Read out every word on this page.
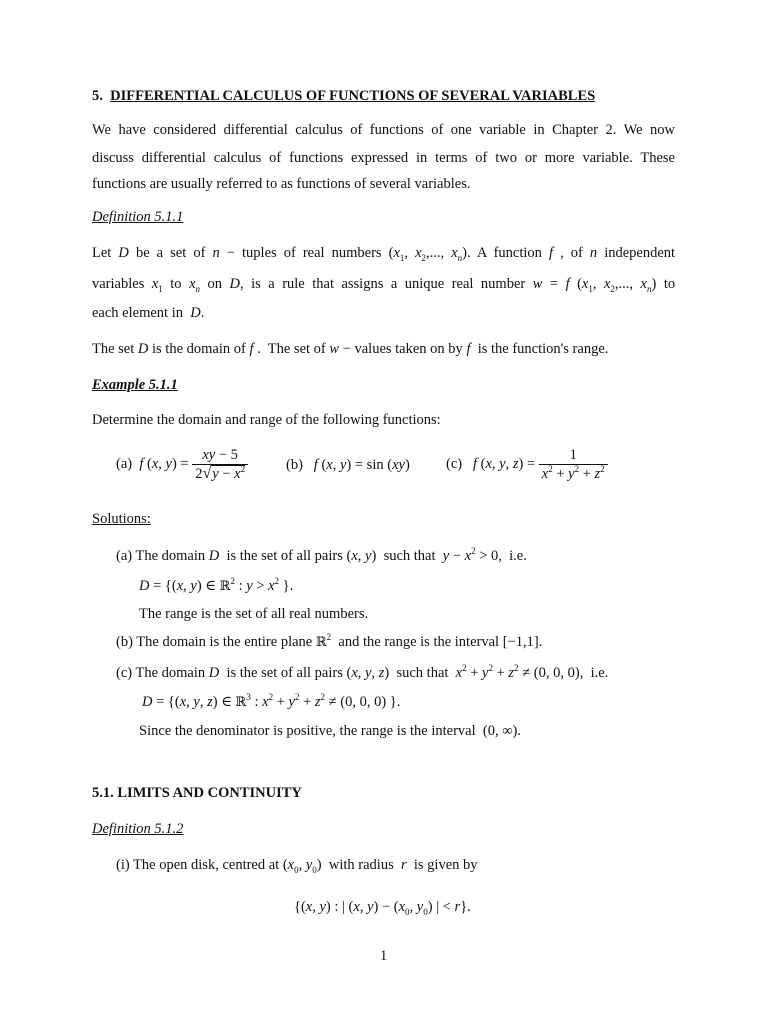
5. DIFFERENTIAL CALCULUS OF FUNCTIONS OF SEVERAL VARIABLES
We have considered differential calculus of functions of one variable in Chapter 2. We now
discuss differential calculus of functions expressed in terms of two or more variable. These
functions are usually referred to as functions of several variables.
Definition 5.1.1
Let D be a set of n − tuples of real numbers ($x_1$, $x_2$,..., $x_n$). A function f , of n independent
variables $x_1$ to $x_n$ on D, is a rule that assigns a unique real number w = f ($x_1$, $x_2$,..., $x_n$) to
each element in D.
The set D is the domain of f .  The set of w − values taken on by f is the function's range.
Example 5.1.1
Determine the domain and range of the following functions:
(a) f (x, $y) = \frac{xy - 5}{2√y - x^2}$	(b) f (x, y) = sin (xy) (c) f (x, y, $z) = \frac{1}{x^2 + y^2 + z^2}$
Solutions:
(a) The domain D is the set of all pairs (x, y)  such that $y - x^2 > 0$,  i.e.
D = {(x, y) ∈ ℝ$^2$ : $y > x^2$ }.
The range is the set of all real numbers.
(b) The domain is the entire plane ℝ$^2$ and the range is the interval [−1,1].
(c) The domain D is the set of all pairs (x, y, z)  such that $x^2 + y^2 + z^2 \ne (0$, 0, 0),  i.e.
D = {(x, y, z) ∈ ℝ$^3$ : $x^2 + y^2 + z^2 \ne (0$, 0, 0) }.
Since the denominator is positive, the range is the interval  (0, ∞).
5.1. LIMITS AND CONTINUITY
Definition 5.1.2
(i) The open disk, centred at ($x_0$, $y_0$)  with radius r is given by
{(x, y) : | (x, $y) - (x_0$, $y_0$) | < r}.
1
